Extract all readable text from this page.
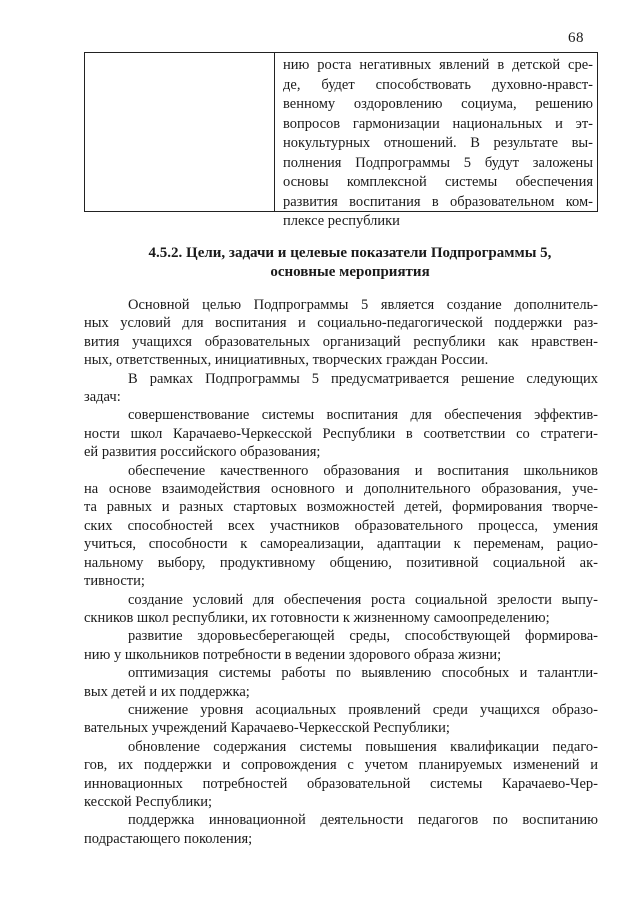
68
нию роста негативных явлений в детской сре-
де, будет способствовать духовно-нравст-
венному оздоровлению социума, решению
вопросов гармонизации национальных и эт-
нокультурных отношений. В результате вы-
полнения Подпрограммы 5 будут заложены
основы комплексной системы обеспечения
развития воспитания в образовательном ком-
плексе республики
4.5.2. Цели, задачи и целевые показатели Подпрограммы 5,
основные мероприятия

Основной целью Подпрограммы 5 является создание дополнитель-
ных условий для воспитания и социально-педагогической поддержки раз-
вития учащихся образовательных организаций республики как нравствен-
ных, ответственных, инициативных, творческих граждан России.

В рамках Подпрограммы 5 предусматривается решение следующих
задач:

совершенствование системы воспитания для обеспечения эффектив-
ности школ Карачаево-Черкесской Республики в соответствии со стратеги-
ей развития российского образования;

обеспечение качественного образования и воспитания школьников
на основе взаимодействия основного и дополнительного образования, уче-
та равных и разных стартовых возможностей детей, формирования творче-
ских способностей всех участников образовательного процесса, умения
учиться, способности к самореализации, адаптации к переменам, рацио-
нальному выбору, продуктивному общению, позитивной социальной ак-
тивности;

создание условий для обеспечения роста социальной зрелости выпу-
скников школ республики, их готовности к жизненному самоопределению;

развитие здоровьесберегающей среды, способствующей формирова-
нию у школьников потребности в ведении здорового образа жизни;

оптимизация системы работы по выявлению способных и талантли-
вых детей и их поддержка;

снижение уровня асоциальных проявлений среди учащихся образо-
вательных учреждений Карачаево-Черкесской Республики;

обновление содержания системы повышения квалификации педаго-
гов, их поддержки и сопровождения с учетом планируемых изменений и
инновационных потребностей образовательной системы Карачаево-Чер-
кесской Республики;

поддержка инновационной деятельности педагогов по воспитанию
подрастающего поколения;
